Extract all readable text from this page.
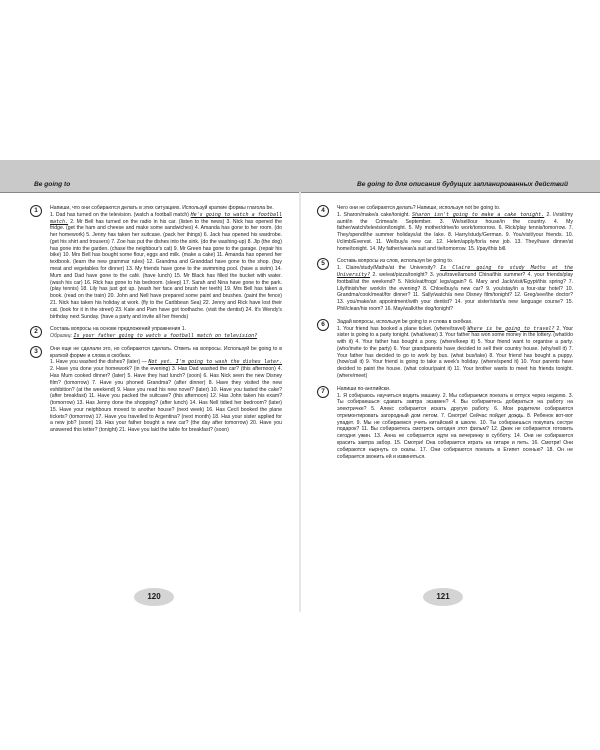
Be going to	Be going to для описания будущих запланированных действий
1	Напиши, что они собираются делать в этих ситуациях. Используй краткие формы глагола be.

1. Dad has turned on the television. (watch a football match) He's going to watch a football match. 2. Mr Bell has turned on the radio in his car. (listen to the news) 3. Nick has opened the fridge. (get the ham and cheese and make some sandwiches) 4. Amanda has gone to her room. (do her homework) 5. Jenny has taken her suitcase. (pack her things) 6. Jack has opened his wardrobe. (get his shirt and trousers) 7. Zoe has put the dishes into the sink. (do the washing-up) 8. Jip (the dog) has gone into the garden. (chase the neighbour's cat) 9. Mr Green has gone to the garage. (repair his bike) 10. Mrs Bell has bought some flour, eggs and milk. (make a cake) 11. Amanda has opened her textbook. (learn the new grammar rules) 12. Grandma and Granddad have gone to the shop. (buy meat and vegetables for dinner) 13. My friends have gone to the swimming pool. (have a swim) 14. Mum and Dad have gone to the café. (have lunch) 15. Mr Black has filled the bucket with water. (wash his car) 16. Rick has gone to his bedroom. (sleep) 17. Sarah and Nina have gone to the park. (play tennis) 18. Lily has just got up. (wash her face and brush her teeth) 19. Mrs Bell has taken a book. (read on the train) 20. John and Nell have prepared some paint and brushes. (paint the fence) 21. Nick has taken his holiday at work. (fly to the Caribbean Sea) 22. Jenny and Rick have lost their cat. (look for it in the street) 23. Kate and Pam have got toothache. (visit the dentist) 24. It's Wendy's birthday next Sunday. (have a party and invite all her friends)

2	Составь вопросы на основе предложений упражнения 1.

Образец: Is your father going to watch a football match on television?

3	Они еще не сделали это, но собираются сделать. Ответь на вопросы. Используй be going to в краткой форме и слова в скобках.

1. Have you washed the dishes? (later) — Not yet. I'm going to wash the dishes later. 2. Have you done your homework? (in the evening) 3. Has Dad washed the car? (this afternoon) 4. Has Mum cooked dinner? (later) 5. Have they had lunch? (soon) 6. Has Nick seen the new Disney film? (tomorrow) 7. Have you phoned Grandma? (after dinner) 8. Have they visited the new exhibition? (at the weekend) 9. Have you read his new novel? (later) 10. Have you tasted the cake? (after breakfast) 11. Have you packed the suitcase? (this afternoon) 12. Has John taken his exam? (tomorrow) 13. Has Jenny done the shopping? (after lunch) 14. Has Nell tidied her bedroom? (later) 15. Have your neighbours moved to another house? (next week) 16. Has Cecil booked the plane tickets? (tomorrow) 17. Have you travelled to Argentina? (next month) 18. Has your sister applied for a new job? (soon) 19. Has your father bought a new car? (the day after tomorrow) 20. Have you answered this letter? (tonight) 21. Have you laid the table for breakfast? (soon)

4	Чего они не собираются делать? Напиши, используя not be going to.

1. Sharon/make/a cake/tonight. Sharon isn't going to make a cake tonight. 2. I/visit/my aunt/in the Crimea/in September. 3. We/sell/our house/in the country. 4. My father/watch/television/tonight. 5. My mother/drive/to work/tomorrow. 6. Rick/play tennis/tomorrow. 7. They/spend/the summer holidays/at the lake. 8. Harry/study/German. 9. You/visit/your friends. 10. I/climb/Everest. 11. We/buy/a new car. 12. Helen/apply/for/a new job. 13. They/have dinner/at home/tonight. 14. My father/wear/a suit and tie/tomorrow. 15. I/pay/this bill.

5	Составь вопросы из слов, используя be going to.

1. Claire/study/Maths/at the University? Is Claire going to study Maths at the University? 2. we/eat/pizza/tonight? 3. you/travel/around China/this summer? 4. your friends/play football/at the weekend? 5. Nick/eat/frogs' legs/again? 6. Mary and Jack/visit/Egypt/this spring? 7. Lily/finish/her work/in the evening? 8. Chloe/buy/a new car? 9. you/stay/in a four-star hotel? 10. Grandma/cook/meat/for dinner? 11. Sally/watch/a new Disney film/tonight? 12. Greg/see/the doctor? 13. you/make/an appointment/with your dentist? 14. your sister/start/a new language course? 15. Phil/clean/his room? 16. May/walk/the dog/tonight?

6	Задай вопросы, используя be going to и слова в скобках.

1. Your friend has booked a plane ticket. (where/travel) Where is he going to travel? 2. Your sister is going to a party tonight. (what/wear) 3. Your father has won some money in the lottery. (what/do with it) 4. Your father has bought a pony. (where/keep it) 5. Your friend want to organise a party. (who/invite to the party) 6. Your grandparents have decided to sell their country house. (why/sell it) 7. Your father has decided to go to work by bus. (what bus/take) 8. Your friend has bought a puppy. (how/call it) 9. Your friend is going to take a week's holiday. (where/spend it) 10. Your parents have decided to paint the house. (what colour/paint it) 11. Your brother wants to meet his friends tonight. (where/meet)

7	Напиши по-английски.

1. Я собираюсь научиться водить машину. 2. Мы собираемся поехать в отпуск через неделю. 3. Ты собираешься сдавать завтра экзамен? 4. Вы собираетесь добираться на работу на электричке? 5. Алекс собирается искать другую работу. 6. Мои родители собираются отремонтировать загородный дом летом. 7. Смотри! Сейчас пойдет дождь. 8. Ребенок вот-вот упадет. 9. Мы не собираемся учить китайский в школе. 10. Ты собираешься покупать сестре подарок? 11. Вы собираетесь смотреть сегодня этот фильм? 12. Джек не собирается готовить сегодня ужин. 13. Анна не собирается идти на вечеринку в субботу. 14. Они не собираются красить завтра забор. 15. Смотри! Она собирается играть на гитаре и петь. 16. Смотри! Они собираются нырнуть со скалы. 17. Они собираются поехать в Египет осенью? 18. Он не собирается звонить ей и извиняться.

120	121
